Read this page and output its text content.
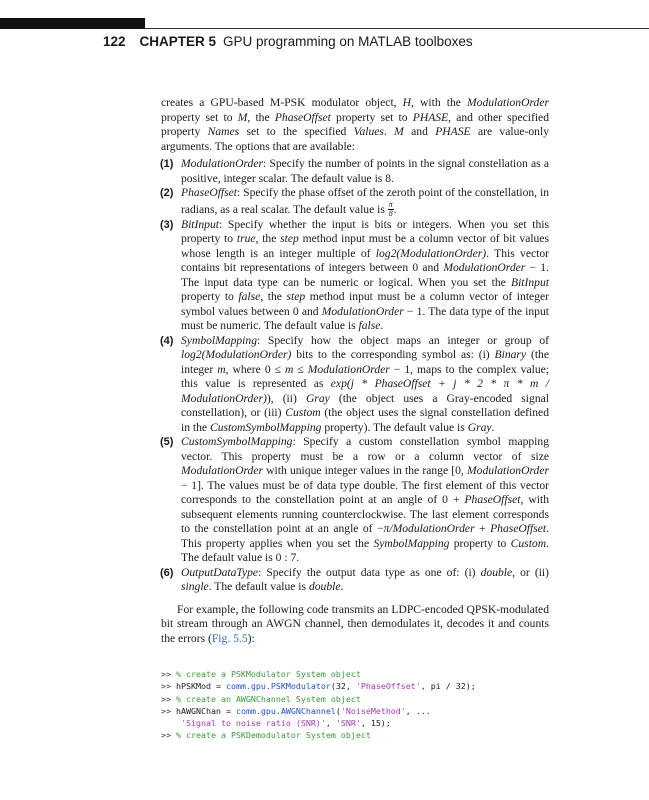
122 CHAPTER 5 GPU programming on MATLAB toolboxes

creates a GPU-based M-PSK modulator object, H, with the ModulationOrder property set to M, the PhaseOffset property set to PHASE, and other specified property Names set to the specified Values. M and PHASE are value-only arguments. The options that are available:

(1) ModulationOrder: Specify the number of points in the signal constellation as a positive, integer scalar. The default value is 8.
(2) PhaseOffset: Specify the phase offset of the zeroth point of the constellation, in radians, as a real scalar. The default value is $\frac{\pi}{8}$ .
(3) BitInput: Specify whether the input is bits or integers. When you set this property to true, the step method input must be a column vector of bit values whose length is an integer multiple of log2(ModulationOrder). This vector contains bit representations of integers between 0 and ModulationOrder − 1. The input data type can be numeric or logical. When you set the BitInput property to false, the step method input must be a column vector of integer symbol values between 0 and ModulationOrder − 1. The data type of the input must be numeric. The default value is false.
(4) SymbolMapping: Specify how the object maps an integer or group of log2(ModulationOrder) bits to the corresponding symbol as: (i) Binary (the integer m, where 0 ≤ m ≤ ModulationOrder − 1, maps to the complex value; this value is represented as exp(j * PhaseOffset + j * 2 * π * m / ModulationOrder)), (ii) Gray (the object uses a Gray-encoded signal constellation), or (iii) Custom (the object uses the signal constellation defined in the CustomSymbolMapping property). The default value is Gray.
(5) CustomSymbolMapping: Specify a custom constellation symbol mapping vector. This property must be a row or a column vector of size ModulationOrder with unique integer values in the range [0, ModulationOrder − 1]. The values must be of data type double. The first element of this vector corresponds to the constellation point at an angle of 0 + PhaseOffset, with subsequent elements running counterclockwise. The last element corresponds to the constellation point at an angle of −π/ModulationOrder + PhaseOffset. This property applies when you set the SymbolMapping property to Custom. The default value is 0 : 7.
(6) OutputDataType: Specify the output data type as one of: (i) double, or (ii) single. The default value is double.

For example, the following code transmits an LDPC-encoded QPSK-modulated bit stream through an AWGN channel, then demodulates it, decodes it and counts the errors (Fig. 5.5):

>> % create a PSKModulator System object
>> hPSKMod = comm.gpu.PSKModulator(32, 'PhaseOffset', pi / 32);
>> % create an AWGNChannel System object
>> hAWGNChan = comm.gpu.AWGNChannel('NoiseMethod', ...
'Signal to noise ratio (SNR)', 'SNR', 15);
>> % create a PSKDemodulator System object
